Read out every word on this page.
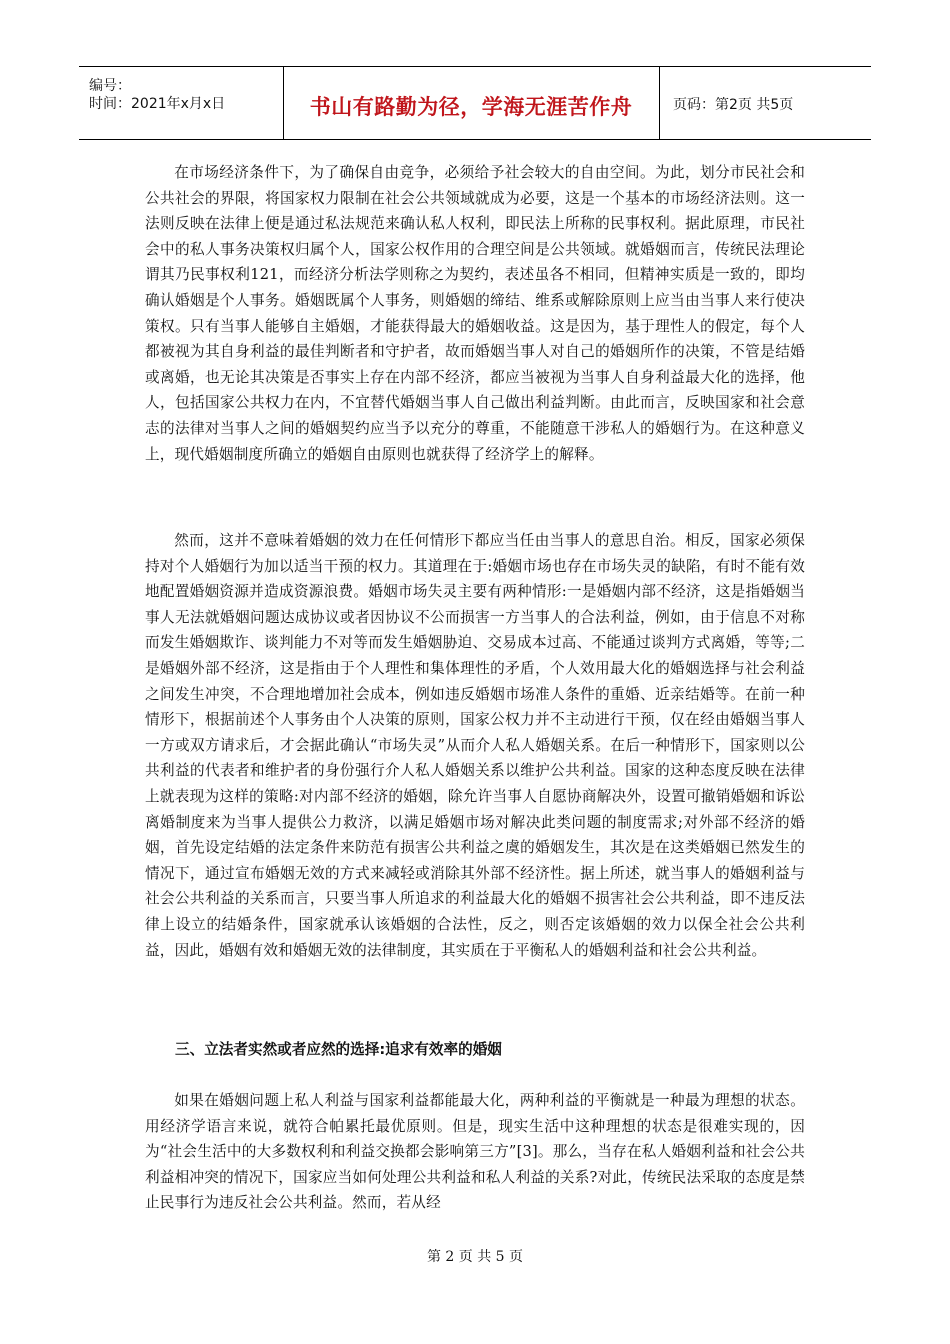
编号：
时间：2021年x月x日	书山有路勤为径，学海无涯苦作舟	页码：第2页 共5页

在市场经济条件下，为了确保自由竞争，必须给予社会较大的自由空间。为此，划分市民社会和公共社会的界限，将国家权力限制在社会公共领域就成为必要，这是一个基本的市场经济法则。这一法则反映在法律上便是通过私法规范来确认私人权利，即民法上所称的民事权利。据此原理，市民社会中的私人事务决策权归属个人，国家公权作用的合理空间是公共领域。就婚姻而言，传统民法理论谓其乃民事权利121，而经济分析法学则称之为契约，表述虽各不相同，但精神实质是一致的，即均确认婚姻是个人事务。婚姻既属个人事务，则婚姻的缔结、维系或解除原则上应当由当事人来行使决策权。只有当事人能够自主婚姻，才能获得最大的婚姻收益。这是因为，基于理性人的假定，每个人都被视为其自身利益的最佳判断者和守护者，故而婚姻当事人对自己的婚姻所作的决策，不管是结婚或离婚，也无论其决策是否事实上存在内部不经济，都应当被视为当事人自身利益最大化的选择，他人，包括国家公共权力在内，不宜替代婚姻当事人自己做出利益判断。由此而言，反映国家和社会意志的法律对当事人之间的婚姻契约应当予以充分的尊重，不能随意干涉私人的婚姻行为。在这种意义上，现代婚姻制度所确立的婚姻自由原则也就获得了经济学上的解释。

然而，这并不意味着婚姻的效力在任何情形下都应当任由当事人的意思自治。相反，国家必须保持对个人婚姻行为加以适当干预的权力。其道理在于:婚姻市场也存在市场失灵的缺陷，有时不能有效地配置婚姻资源并造成资源浪费。婚姻市场失灵主要有两种情形:一是婚姻内部不经济，这是指婚姻当事人无法就婚姻问题达成协议或者因协议不公而损害一方当事人的合法利益，例如，由于信息不对称而发生婚姻欺诈、谈判能力不对等而发生婚姻胁迫、交易成本过高、不能通过谈判方式离婚，等等;二是婚姻外部不经济，这是指由于个人理性和集体理性的矛盾，个人效用最大化的婚姻选择与社会利益之间发生冲突，不合理地增加社会成本，例如违反婚姻市场准人条件的重婚、近亲结婚等。在前一种情形下，根据前述个人事务由个人决策的原则，国家公权力并不主动进行干预，仅在经由婚姻当事人一方或双方请求后，才会据此确认“市场失灵”从而介人私人婚姻关系。在后一种情形下，国家则以公共利益的代表者和维护者的身份强行介人私人婚姻关系以维护公共利益。国家的这种态度反映在法律上就表现为这样的策略:对内部不经济的婚姻，除允许当事人自愿协商解决外，设置可撤销婚姻和诉讼离婚制度来为当事人提供公力救济，以满足婚姻市场对解决此类问题的制度需求;对外部不经济的婚姻，首先设定结婚的法定条件来防范有损害公共利益之虞的婚姻发生，其次是在这类婚姻已然发生的情况下，通过宣布婚姻无效的方式来减轻或消除其外部不经济性。据上所述，就当事人的婚姻利益与社会公共利益的关系而言，只要当事人所追求的利益最大化的婚姻不损害社会公共利益，即不违反法律上设立的结婚条件，国家就承认该婚姻的合法性，反之，则否定该婚姻的效力以保全社会公共利益，因此，婚姻有效和婚姻无效的法律制度，其实质在于平衡私人的婚姻利益和社会公共利益。

三、立法者实然或者应然的选择:追求有效率的婚姻

如果在婚姻问题上私人利益与国家利益都能最大化，两种利益的平衡就是一种最为理想的状态。用经济学语言来说，就符合帕累托最优原则。但是，现实生活中这种理想的状态是很难实现的，因为“社会生活中的大多数权利和利益交换都会影响第三方”[3]。那么，当存在私人婚姻利益和社会公共利益相冲突的情况下，国家应当如何处理公共利益和私人利益的关系?对此，传统民法采取的态度是禁止民事行为违反社会公共利益。然而，若从经

第 2 页 共 5 页
